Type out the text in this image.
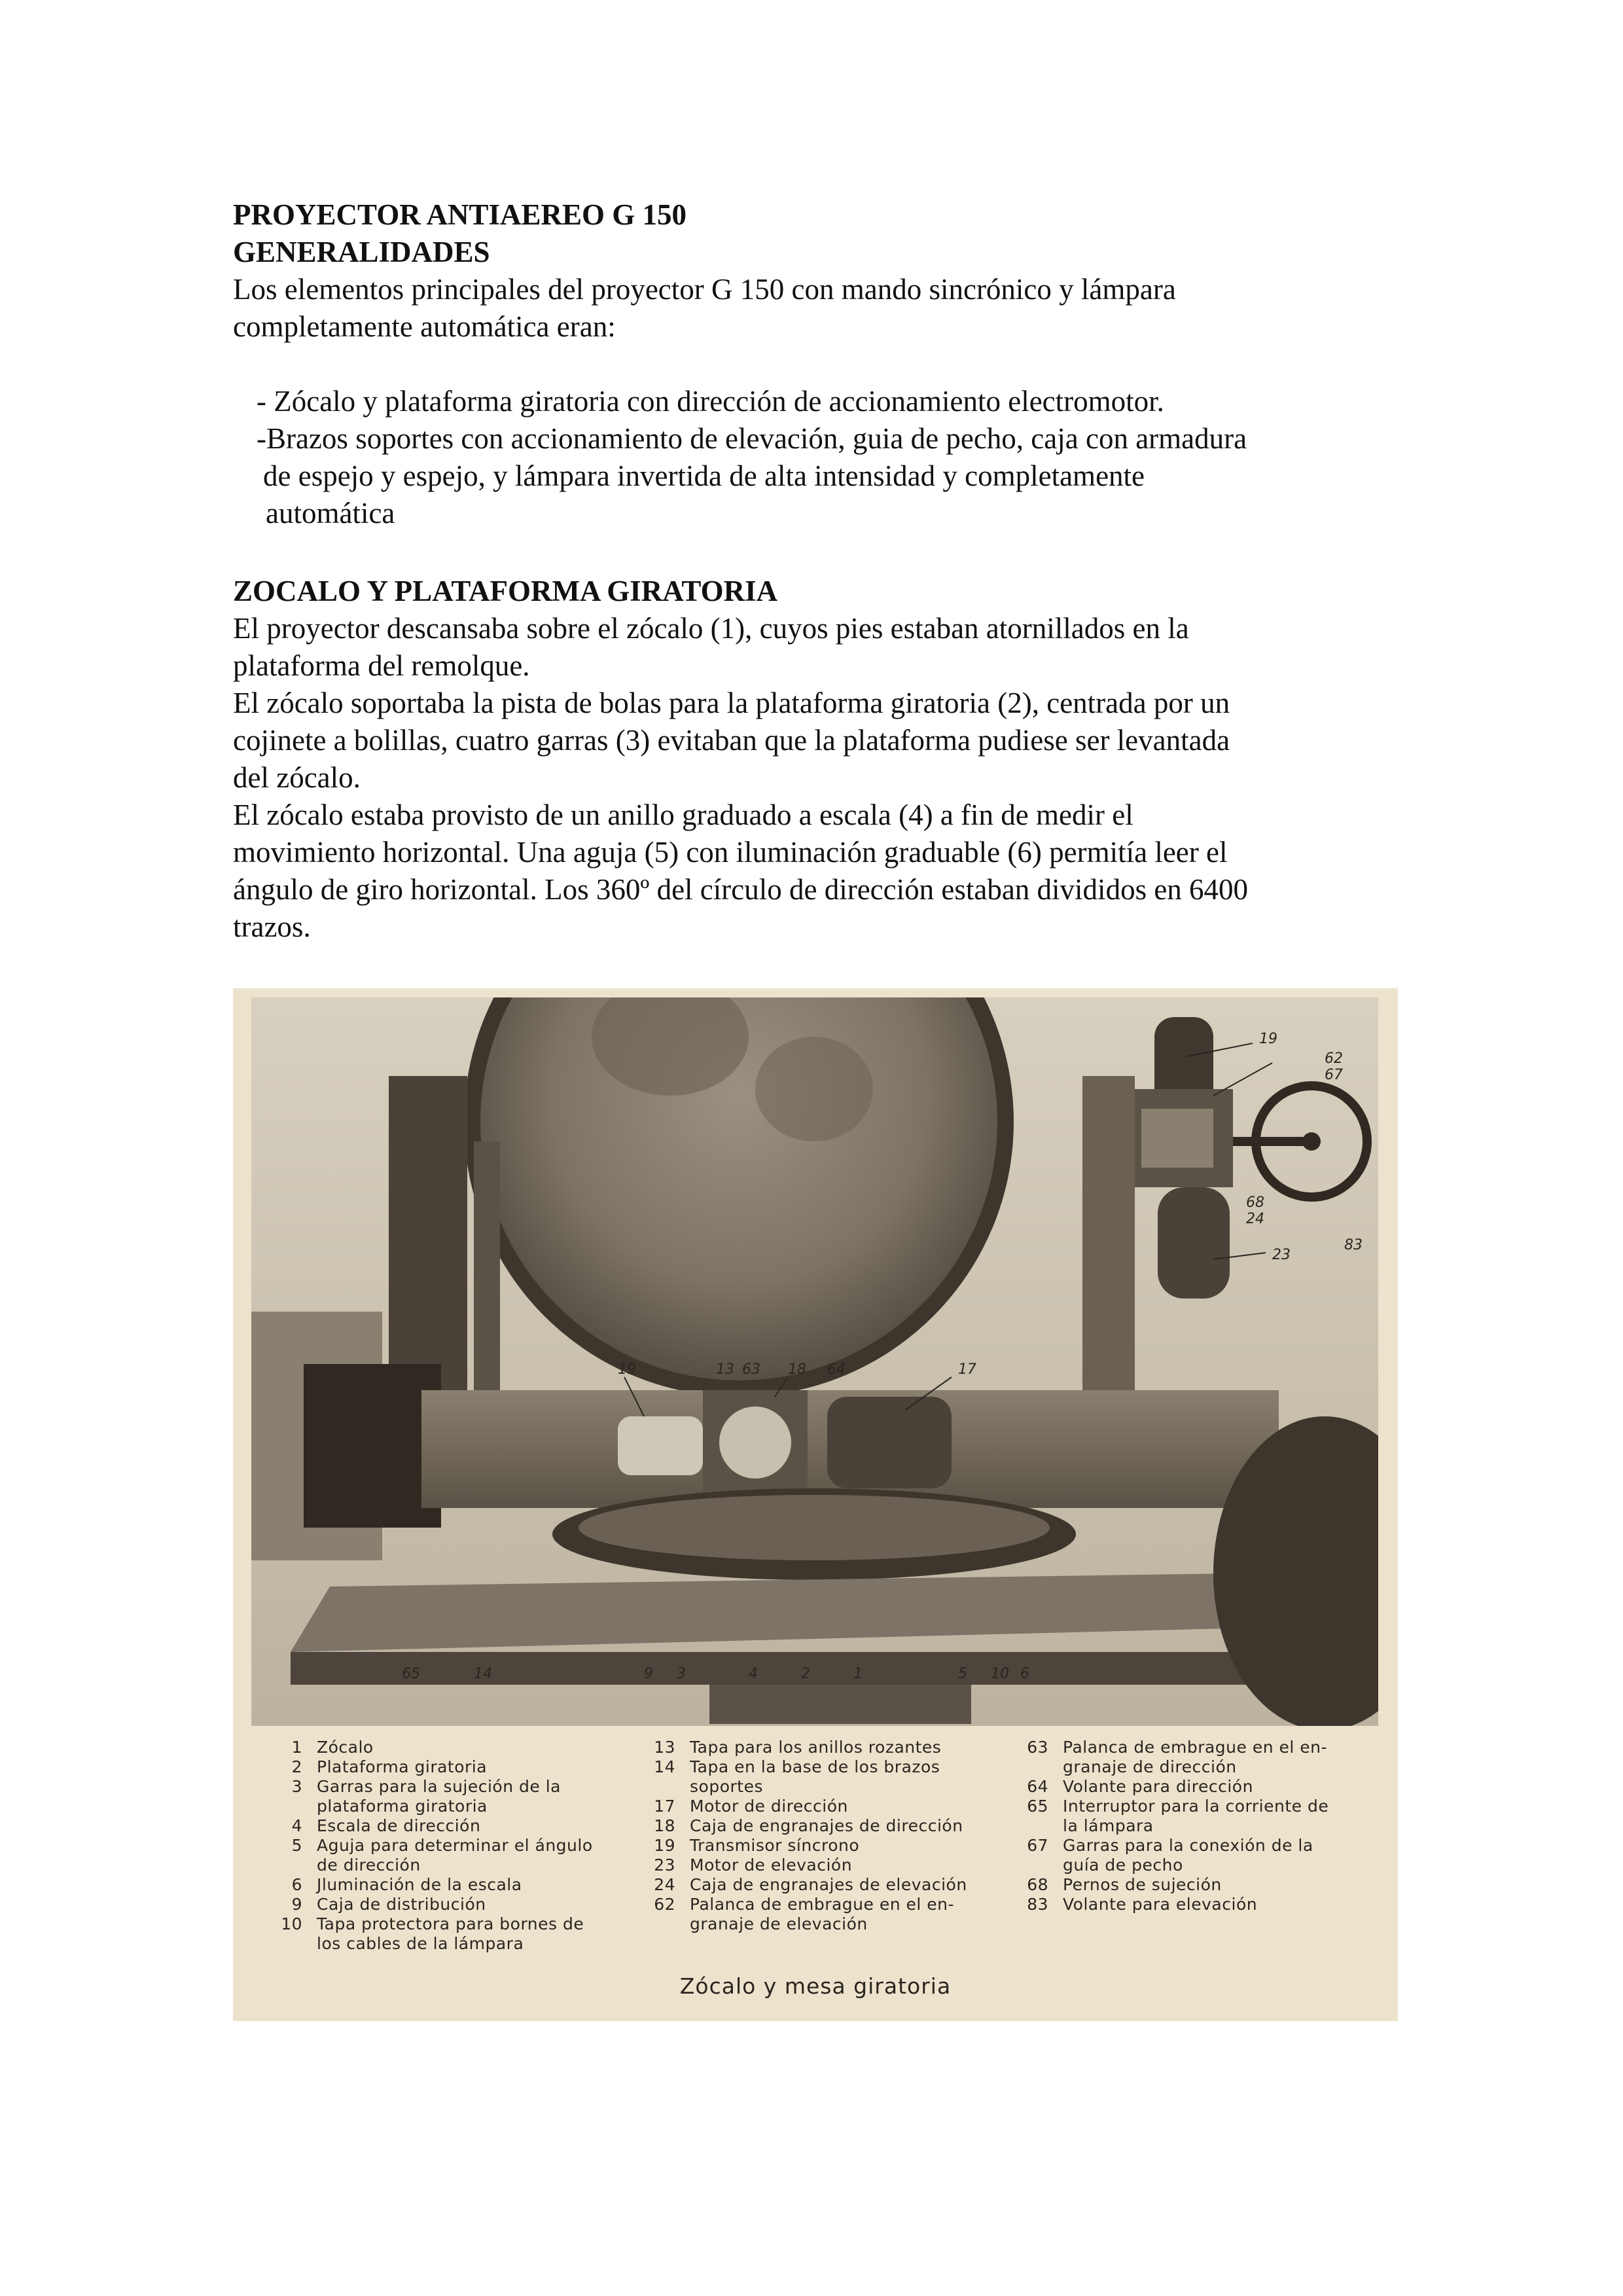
PROYECTOR ANTIAEREO G 150

GENERALIDADES

Los elementos principales del proyector G 150 con mando sincrónico y lámpara

completamente automática eran:

- Zócalo y plataforma giratoria con dirección de accionamiento electromotor.

-Brazos soportes con accionamiento de elevación, guia de pecho, caja con armadura

de espejo y espejo, y lámpara invertida de alta intensidad y completamente

automática

ZOCALO Y PLATAFORMA GIRATORIA

El proyector descansaba sobre el zócalo (1), cuyos pies estaban atornillados en la

plataforma del remolque.

El zócalo soportaba la pista de bolas para la plataforma giratoria (2), centrada por un

cojinete a bolillas, cuatro garras (3) evitaban que la plataforma pudiese ser levantada

del zócalo.

El zócalo estaba provisto de un anillo graduado a escala (4) a fin de medir el

movimiento horizontal. Una aguja (5) con iluminación graduable (6) permitía leer el

ángulo de giro horizontal. Los 360º del círculo de dirección estaban divididos en 6400

trazos.

19
62
67
68
24
83
23
19	13 63 18 64	17
65	14	9 3	4	2	1	5 10 6
1 Zócalo
2 Plataforma giratoria
3 Garras para la sujeción de la
plataforma giratoria
4 Escala de dirección
5 Aguja para determinar el ángulo
de dirección
6 Jluminación de la escala
9 Caja de distribución
10 Tapa protectora para bornes de
los cables de la lámpara
13 Tapa para los anillos rozantes
14 Tapa en la base de los brazos
soportes
17 Motor de dirección
18 Caja de engranajes de dirección
19 Transmisor síncrono
23 Motor de elevación
24 Caja de engranajes de elevación
62 Palanca de embrague en el en-
granaje de elevación
63 Palanca de embrague en el en-
granaje de dirección
64 Volante para dirección
65 Interruptor para la corriente de
la lámpara
67 Garras para la conexión de la
guía de pecho
68 Pernos de sujeción
83 Volante para elevación
Zócalo y mesa giratoria
